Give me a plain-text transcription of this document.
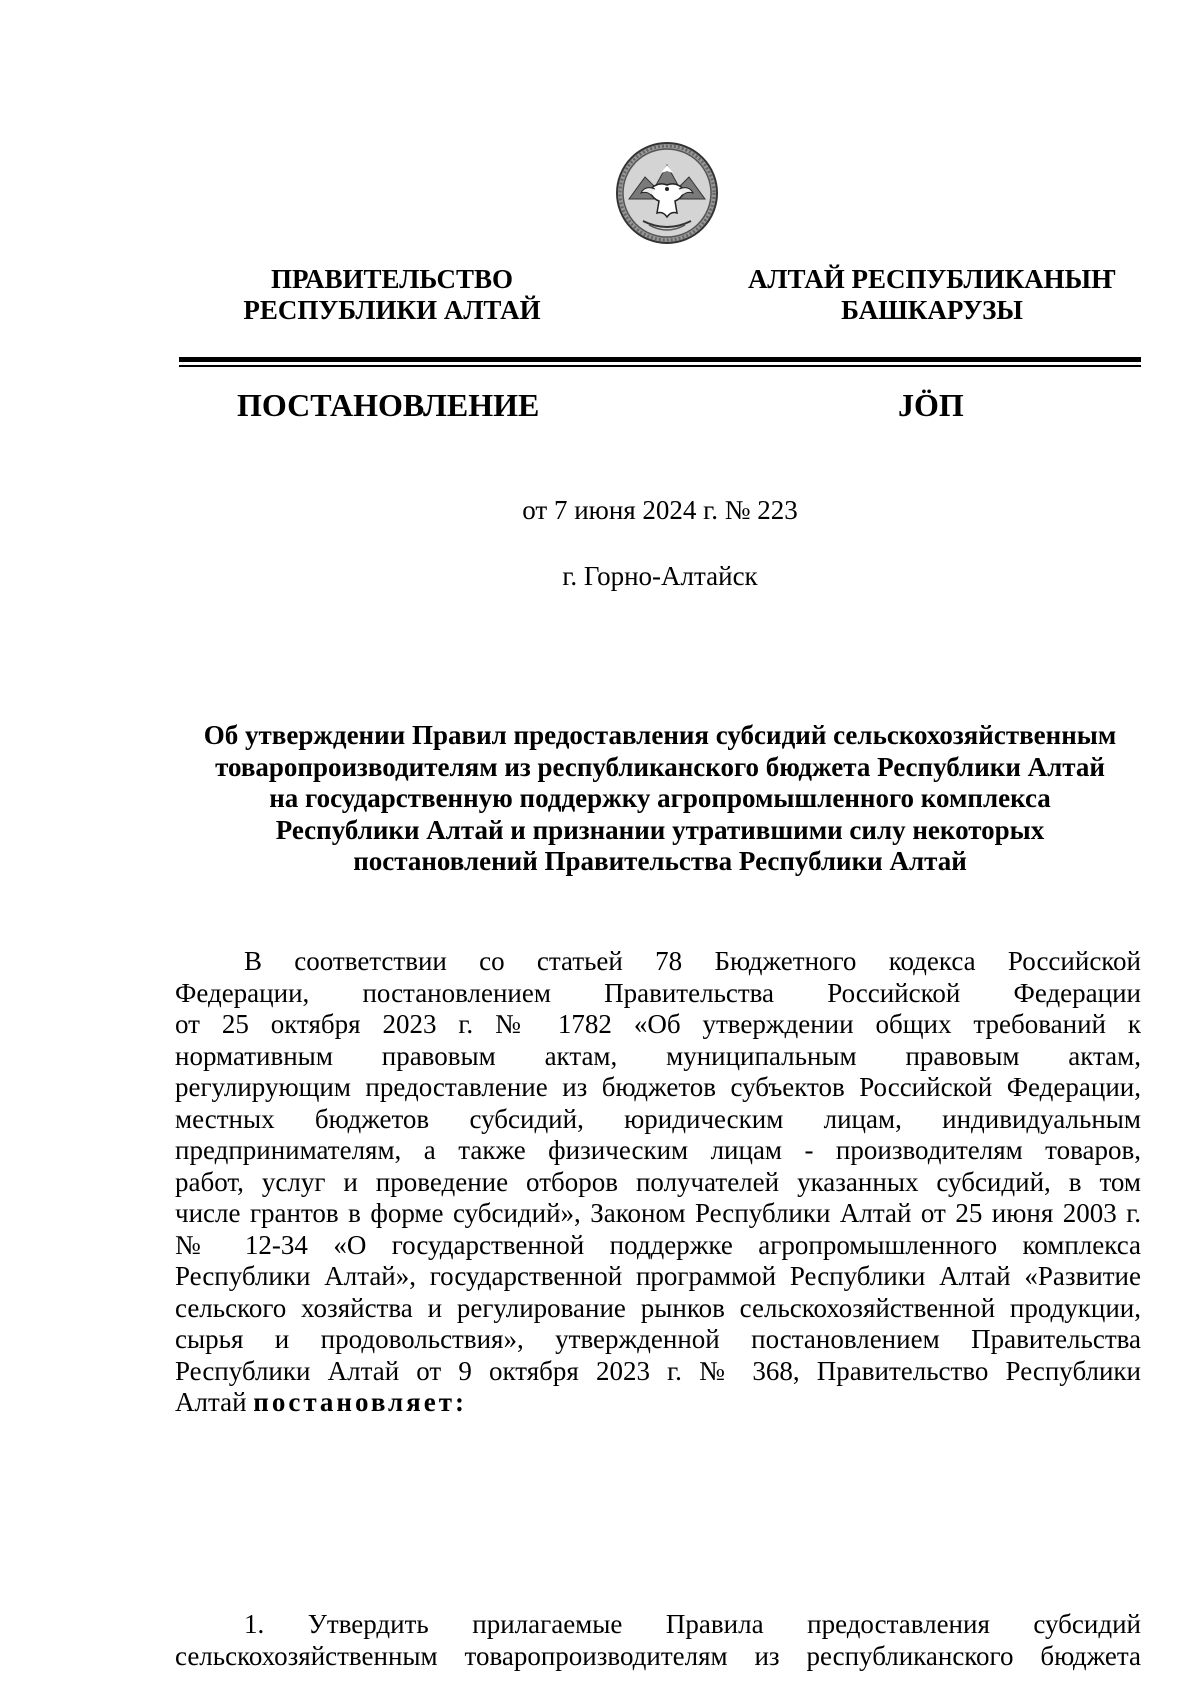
ПРАВИТЕЛЬСТВО
РЕСПУБЛИКИ АЛТАЙ
АЛТАЙ РЕСПУБЛИКАНЫҤ
БАШКАРУЗЫ
ПОСТАНОВЛЕНИЕ	JÖП
от 7 июня 2024 г. № 223
г. Горно-Алтайск
Об утверждении Правил предоставления субсидий сельскохозяйственным
товаропроизводителям из республиканского бюджета Республики Алтай
на государственную поддержку агропромышленного комплекса
Республики Алтай и признании утратившими силу некоторых
постановлений Правительства Республики Алтай
В соответствии со статьей 78 Бюджетного кодекса Российской
Федерации, постановлением Правительства Российской Федерации
от 25 октября 2023 г. № 1782 «Об утверждении общих требований к
нормативным правовым актам, муниципальным правовым актам,
регулирующим предоставление из бюджетов субъектов Российской Федерации,
местных бюджетов субсидий, юридическим лицам, индивидуальным
предпринимателям, а также физическим лицам - производителям товаров,
работ, услуг и проведение отборов получателей указанных субсидий, в том
числе грантов в форме субсидий», Законом Республики Алтай от 25 июня 2003 г.
№ 12-34 «О государственной поддержке агропромышленного комплекса
Республики Алтай», государственной программой Республики Алтай «Развитие
сельского хозяйства и регулирование рынков сельскохозяйственной продукции,
сырья и продовольствия», утвержденной постановлением Правительства
Республики Алтай от 9 октября 2023 г. № 368, Правительство Республики
Алтай постановляет:
1. Утвердить прилагаемые Правила предоставления субсидий
сельскохозяйственным товаропроизводителям из республиканского бюджета
